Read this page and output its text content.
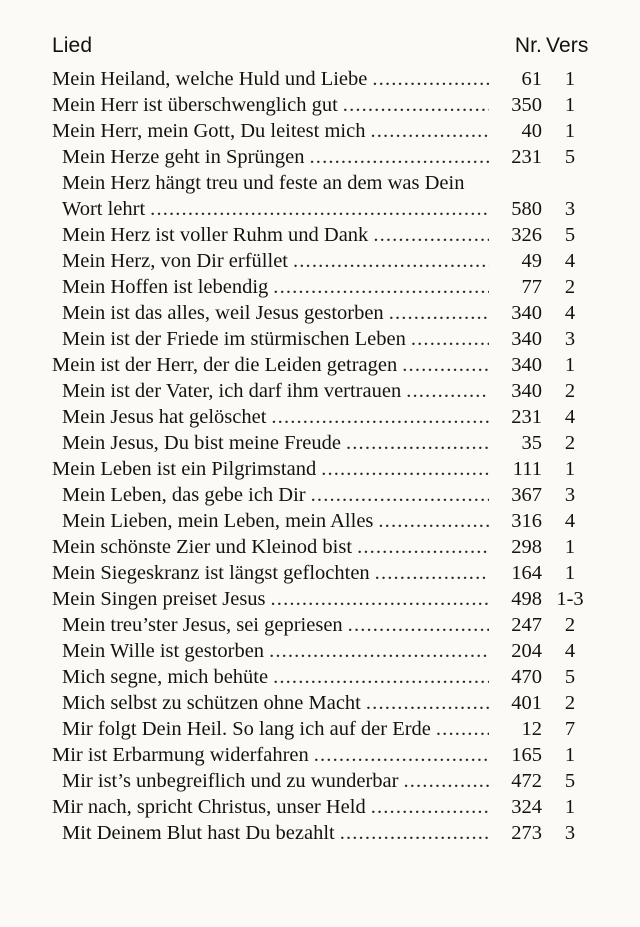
Lied	Nr. Vers
Mein Heiland, welche Huld und Liebe .....	61	1
Mein Herr ist überschwenglich gut .....	350	1
Mein Herr, mein Gott, Du leitest mich .....	40	1
Mein Herze geht in Sprüngen .....	231	5
Mein Herz hängt treu und feste an dem was Dein
Wort lehrt .....	580	3
Mein Herz ist voller Ruhm und Dank .....	326	5
Mein Herz, von Dir erfüllet .....	49	4
Mein Hoffen ist lebendig .....	77	2
Mein ist das alles, weil Jesus gestorben .....	340	4
Mein ist der Friede im stürmischen Leben .....	340	3
Mein ist der Herr, der die Leiden getragen .....	340	1
Mein ist der Vater, ich darf ihm vertrauen .....	340	2
Mein Jesus hat gelöschet .....	231	4
Mein Jesus, Du bist meine Freude .....	35	2
Mein Leben ist ein Pilgrimstand .....	111	1
Mein Leben, das gebe ich Dir .....	367	3
Mein Lieben, mein Leben, mein Alles .....	316	4
Mein schönste Zier und Kleinod bist .....	298	1
Mein Siegeskranz ist längst geflochten .....	164	1
Mein Singen preiset Jesus .....	498 1-3
Mein treu’ster Jesus, sei gepriesen .....	247	2
Mein Wille ist gestorben .....	204	4
Mich segne, mich behüte .....	470	5
Mich selbst zu schützen ohne Macht .....	401	2
Mir folgt Dein Heil. So lang ich auf der Erde .....	12	7
Mir ist Erbarmung widerfahren .....	165	1
Mir ist’s unbegreiflich und zu wunderbar .....	472	5
Mir nach, spricht Christus, unser Held .....	324	1
Mit Deinem Blut hast Du bezahlt .....	273	3
